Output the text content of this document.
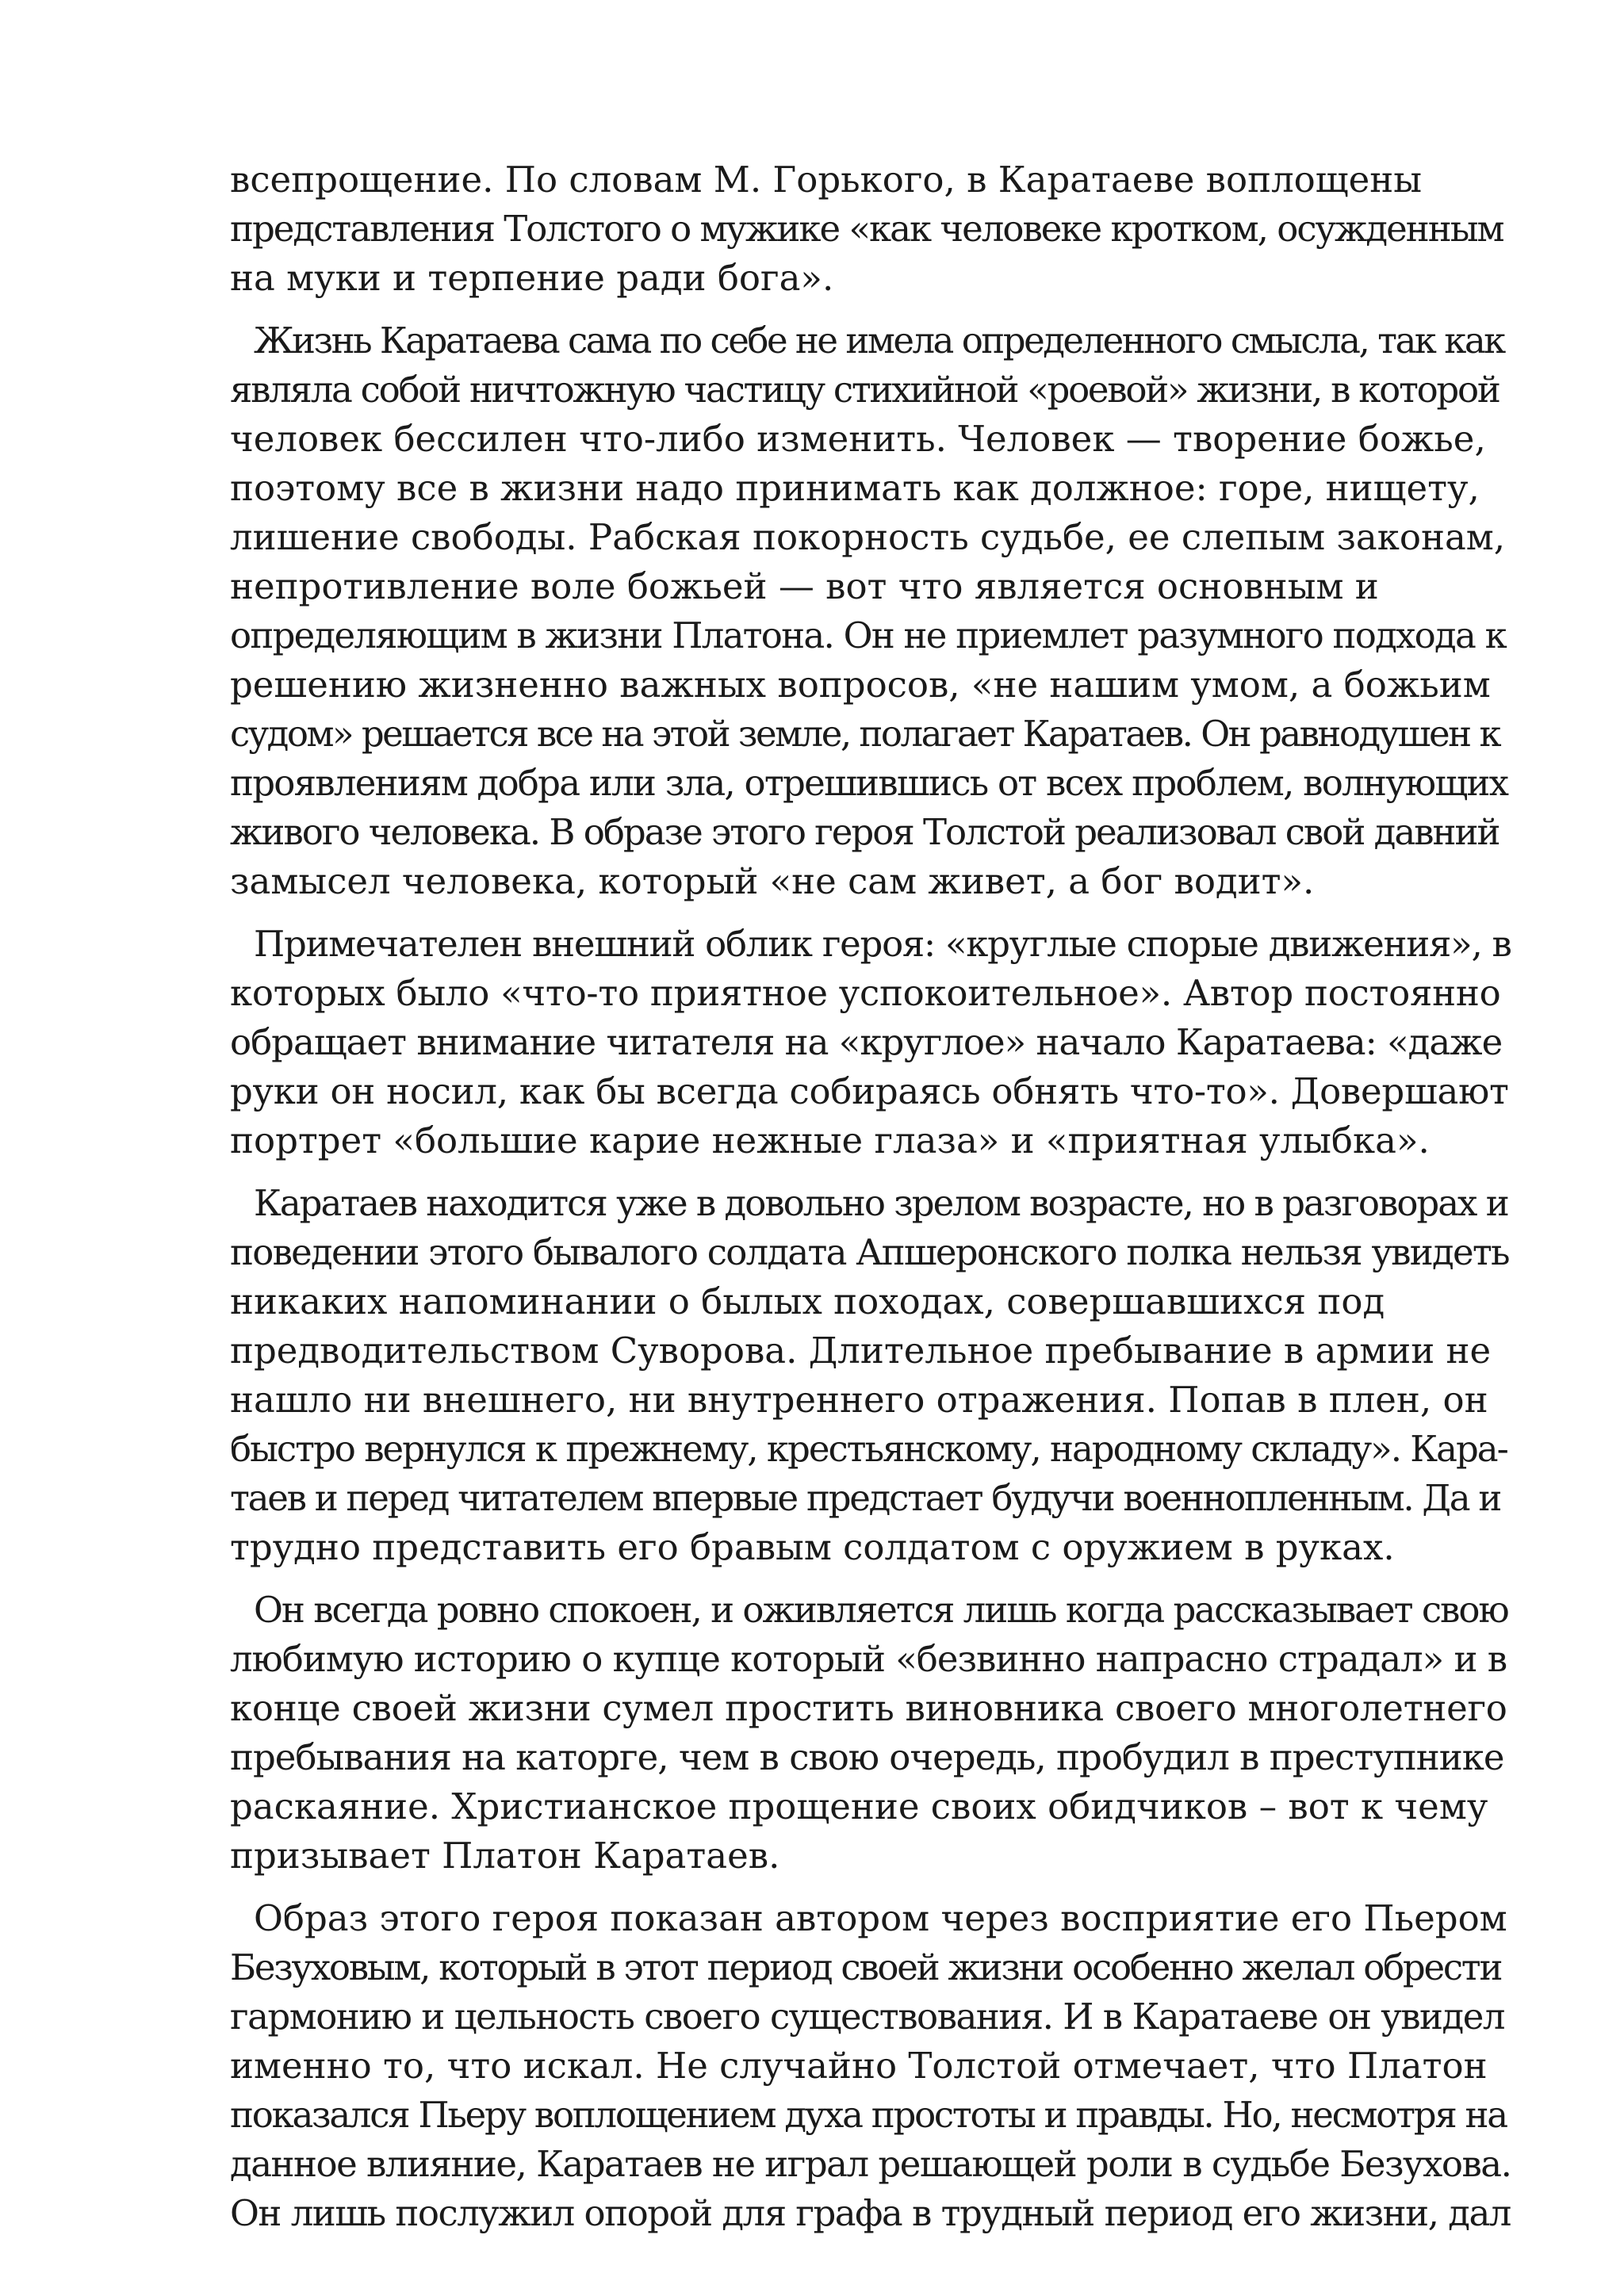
всепрощение. По словам М. Горького, в Каратаеве воплощены
представления Толстого о мужике «как человеке кротком, осужденным
на муки и терпение ради бога».
Жизнь Каратаева сама по себе не имела определенного смысла, так как
являла собой ничтожную частицу стихийной «роевой» жизни, в которой
человек бессилен что-либо изменить. Человек — творение божье,
поэтому все в жизни надо принимать как должное: горе, нищету,
лишение свободы. Рабская покорность судьбе, ее слепым законам,
непротивление воле божьей — вот что является основным и
определяющим в жизни Платона. Он не приемлет разумного подхода к
решению жизненно важных вопросов, «не нашим умом, а божьим
судом» решается все на этой земле, полагает Каратаев. Он равнодушен к
проявлениям добра или зла, отрешившись от всех проблем, волнующих
живого человека. В образе этого героя Толстой реализовал свой давний
замысел человека, который «не сам живет, а бог водит».
Примечателен внешний облик героя: «круглые спорые движения», в
которых было «что-то приятное успокоительное». Автор постоянно
обращает внимание читателя на «круглое» начало Каратаева: «даже
руки он носил, как бы всегда собираясь обнять что-то». Довершают
портрет «большие карие нежные глаза» и «приятная улыбка».
Каратаев находится уже в довольно зрелом возрасте, но в разговорах и
поведении этого бывалого солдата Апшеронского полка нельзя увидеть
никаких напоминании о былых походах, совершавшихся под
предводительством Суворова. Длительное пребывание в армии не
нашло ни внешнего, ни внутреннего отражения. Попав в плен, он
быстро вернулся к прежнему, крестьянскому, народному складу». Кара-
таев и перед читателем впервые предстает будучи военнопленным. Да и
трудно представить его бравым солдатом с оружием в руках.
Он всегда ровно спокоен, и оживляется лишь когда рассказывает свою
любимую историю о купце который «безвинно напрасно страдал» и в
конце своей жизни сумел простить виновника своего многолетнего
пребывания на каторге, чем в свою очередь, пробудил в преступнике
раскаяние. Христианское прощение своих обидчиков – вот к чему
призывает Платон Каратаев.
Образ этого героя показан автором через восприятие его Пьером
Безуховым, который в этот период своей жизни особенно желал обрести
гармонию и цельность своего существования. И в Каратаеве он увидел
именно то, что искал. Не случайно Толстой отмечает, что Платон
показался Пьеру воплощением духа простоты и правды. Но, несмотря на
данное влияние, Каратаев не играл решающей роли в судьбе Безухова.
Он лишь послужил опорой для графа в трудный период его жизни, дал
